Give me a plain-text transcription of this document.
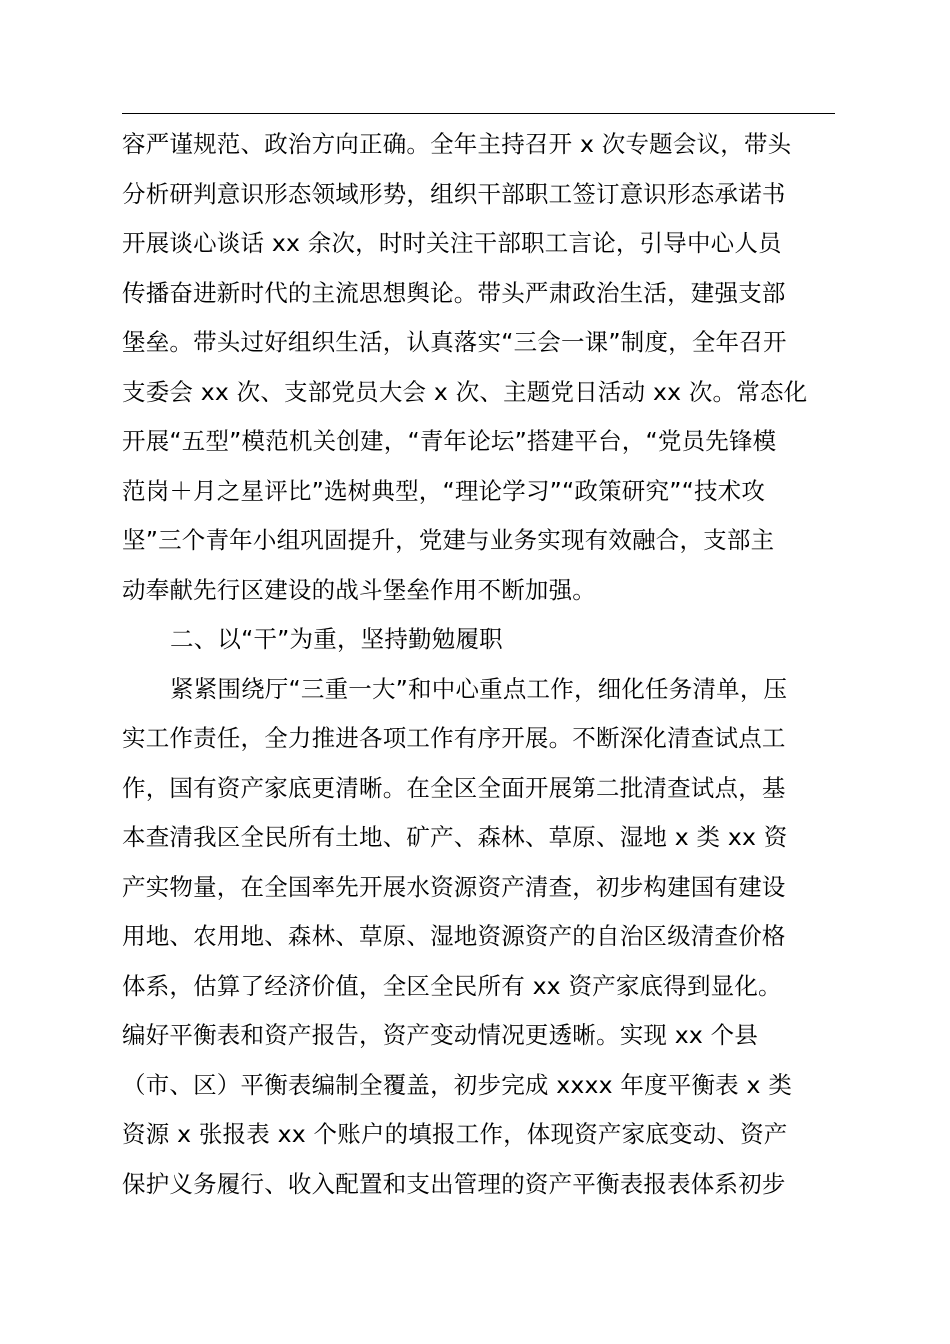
容严谨规范、政治方向正确。全年主持召开 x 次专题会议，带头
分析研判意识形态领域形势，组织干部职工签订意识形态承诺书
开展谈心谈话 xx 余次，时时关注干部职工言论，引导中心人员
传播奋进新时代的主流思想舆论。带头严肃政治生活，建强支部
堡垒。带头过好组织生活，认真落实“三会一课”制度，全年召开
支委会 xx 次、支部党员大会 x 次、主题党日活动 xx 次。常态化
开展“五型”模范机关创建，“青年论坛”搭建平台，“党员先锋模
范岗＋月之星评比”选树典型，“理论学习”“政策研究”“技术攻
坚”三个青年小组巩固提升，党建与业务实现有效融合，支部主
动奉献先行区建设的战斗堡垒作用不断加强。
二、以“干”为重，坚持勤勉履职
紧紧围绕厅“三重一大”和中心重点工作，细化任务清单，压
实工作责任，全力推进各项工作有序开展。不断深化清查试点工
作，国有资产家底更清晰。在全区全面开展第二批清查试点，基
本查清我区全民所有土地、矿产、森林、草原、湿地 x 类 xx 资
产实物量，在全国率先开展水资源资产清查，初步构建国有建设
用地、农用地、森林、草原、湿地资源资产的自治区级清查价格
体系，估算了经济价值，全区全民所有 xx 资产家底得到显化。
编好平衡表和资产报告，资产变动情况更透晰。实现 xx 个县
（市、区）平衡表编制全覆盖，初步完成 xxxx 年度平衡表 x 类
资源 x 张报表 xx 个账户的填报工作，体现资产家底变动、资产
保护义务履行、收入配置和支出管理的资产平衡表报表体系初步
